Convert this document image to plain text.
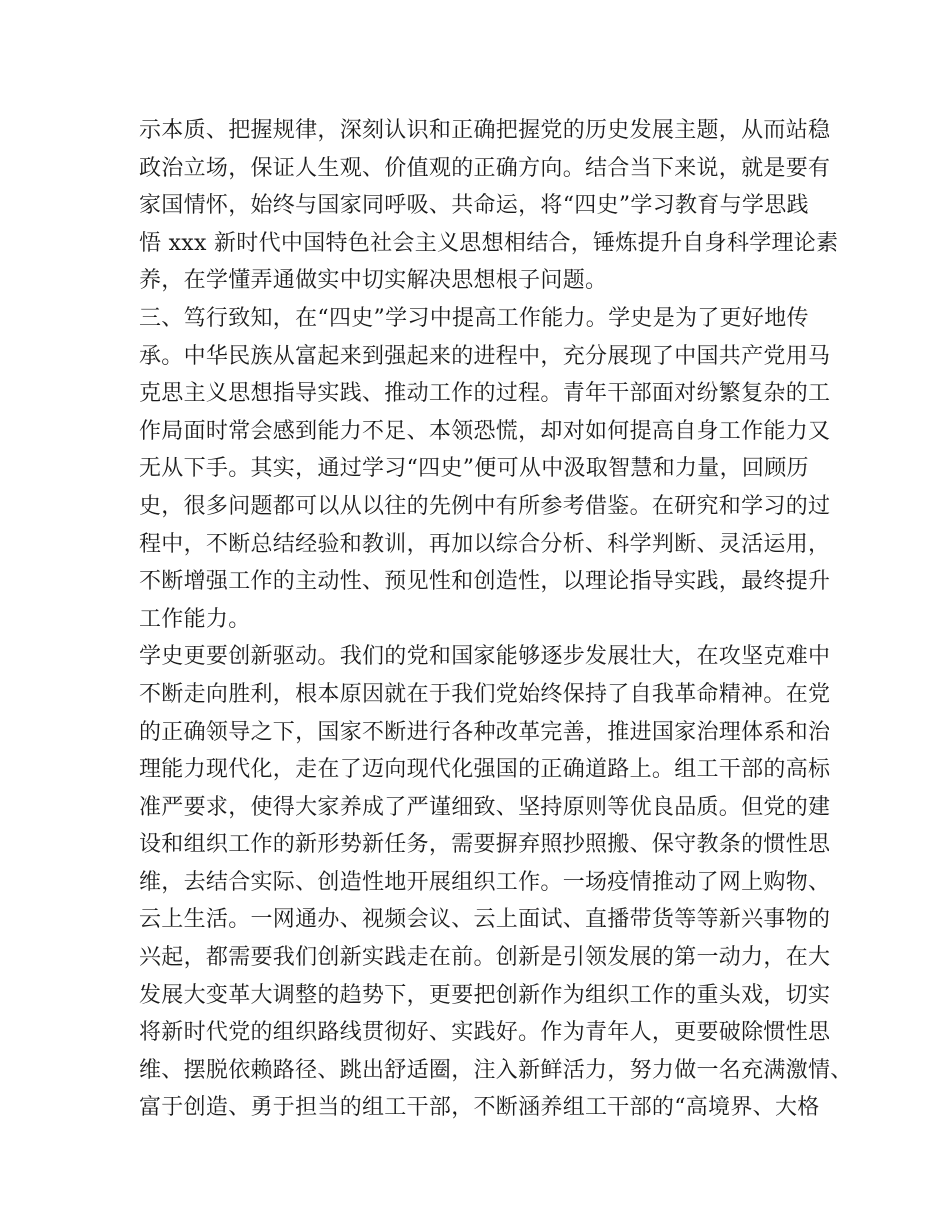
示本质、把握规律，深刻认识和正确把握党的历史发展主题，从而站稳
政治立场，保证人生观、价值观的正确方向。结合当下来说，就是要有
家国情怀，始终与国家同呼吸、共命运，将“四史”学习教育与学思践
悟 xxx 新时代中国特色社会主义思想相结合，锤炼提升自身科学理论素
养，在学懂弄通做实中切实解决思想根子问题。
三、笃行致知，在“四史”学习中提高工作能力。学史是为了更好地传
承。中华民族从富起来到强起来的进程中，充分展现了中国共产党用马
克思主义思想指导实践、推动工作的过程。青年干部面对纷繁复杂的工
作局面时常会感到能力不足、本领恐慌，却对如何提高自身工作能力又
无从下手。其实，通过学习“四史”便可从中汲取智慧和力量，回顾历
史，很多问题都可以从以往的先例中有所参考借鉴。在研究和学习的过
程中，不断总结经验和教训，再加以综合分析、科学判断、灵活运用，
不断增强工作的主动性、预见性和创造性，以理论指导实践，最终提升
工作能力。
学史更要创新驱动。我们的党和国家能够逐步发展壮大，在攻坚克难中
不断走向胜利，根本原因就在于我们党始终保持了自我革命精神。在党
的正确领导之下，国家不断进行各种改革完善，推进国家治理体系和治
理能力现代化，走在了迈向现代化强国的正确道路上。组工干部的高标
准严要求，使得大家养成了严谨细致、坚持原则等优良品质。但党的建
设和组织工作的新形势新任务，需要摒弃照抄照搬、保守教条的惯性思
维，去结合实际、创造性地开展组织工作。一场疫情推动了网上购物、
云上生活。一网通办、视频会议、云上面试、直播带货等等新兴事物的
兴起，都需要我们创新实践走在前。创新是引领发展的第一动力，在大
发展大变革大调整的趋势下，更要把创新作为组织工作的重头戏，切实
将新时代党的组织路线贯彻好、实践好。作为青年人，更要破除惯性思
维、摆脱依赖路径、跳出舒适圈，注入新鲜活力，努力做一名充满激情、
富于创造、勇于担当的组工干部，不断涵养组工干部的“高境界、大格
